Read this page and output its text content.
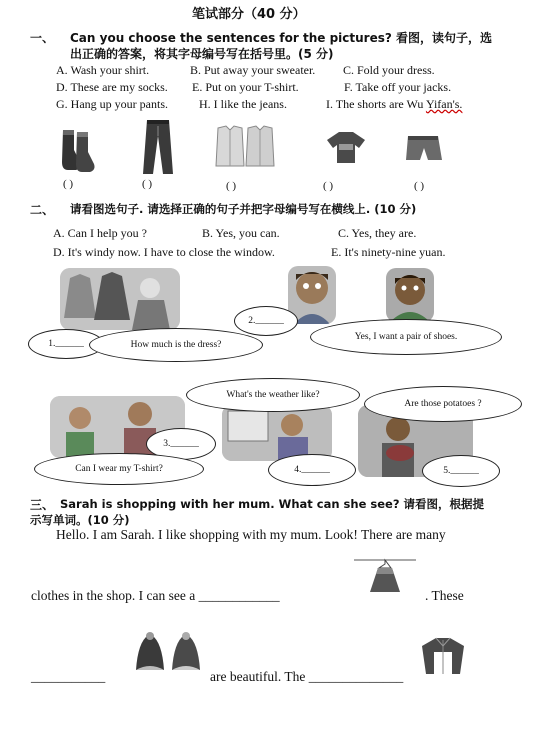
笔试部分（40 分）
一、 Can you choose the sentences for the pictures? 看图，读句子，选
出正确的答案，将其字母编号写在括号里。(5 分)
A. Wash your shirt.	B. Put away your sweater. C. Fold your dress.
D. These are my socks. E. Put on your T-shirt.	F. Take off your jacks.
G. Hang up your pants.	H. I like the jeans.	I. The shorts are Wu Yifan's.
( )	( )	( )	( )	( )
二、 请看图选句子. 请选择正确的句子并把字母编号写在横线上. (10 分)
A. Can I help you ?	B. Yes, you can.	C. Yes, they are.
D. It's windy now. I have to close the window.	E. It's ninety-nine yuan.
1.______	How much is the dress?
2.______
Yes, I want a pair of shoes.
What's the weather like?
Are those potatoes ?
3.______
Can I wear my T-shirt?	4.______	5.______
三、 Sarah is shopping with her mum. What can she see? 请看图，根据提
示写单词。(10 分)
Hello. I am Sarah. I like shopping with my mum. Look! There are many
clothes in the shop. I can see a ____________	. These
___________	are beautiful. The ______________
